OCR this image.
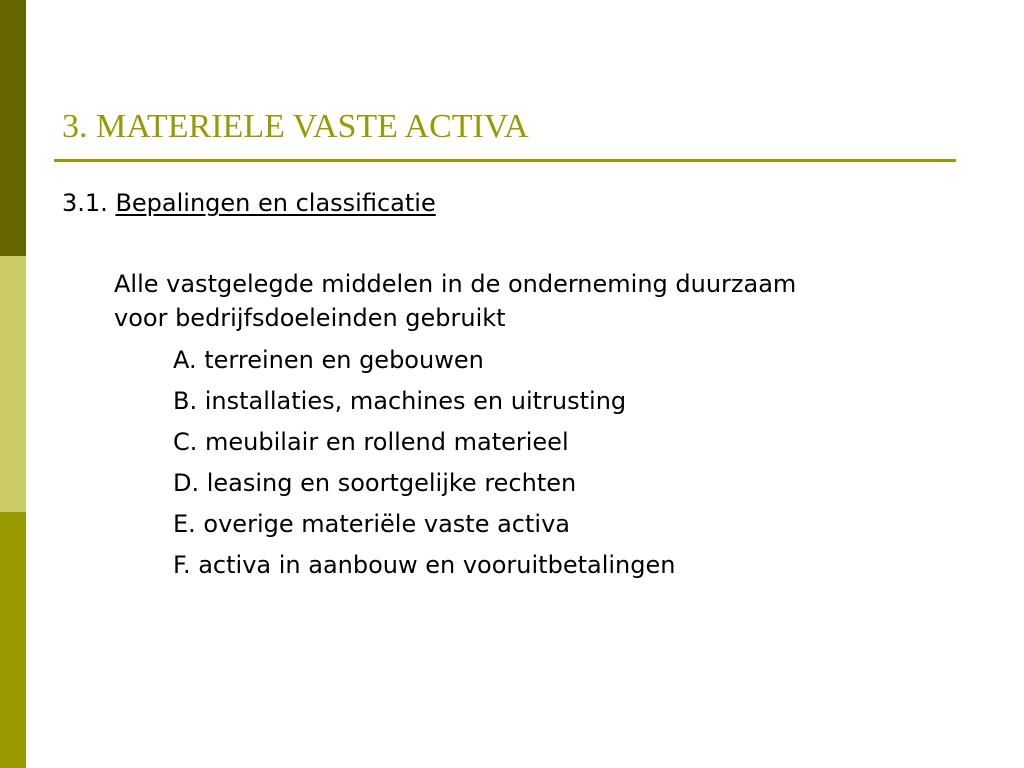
3. MATERIELE VASTE ACTIVA
3.1. Bepalingen en classificatie
Alle vastgelegde middelen in de onderneming duurzaam
voor bedrijfsdoeleinden gebruikt
A. terreinen en gebouwen
B. installaties, machines en uitrusting
C. meubilair en rollend materieel
D. leasing en soortgelijke rechten
E. overige materiële vaste activa
F. activa in aanbouw en vooruitbetalingen
